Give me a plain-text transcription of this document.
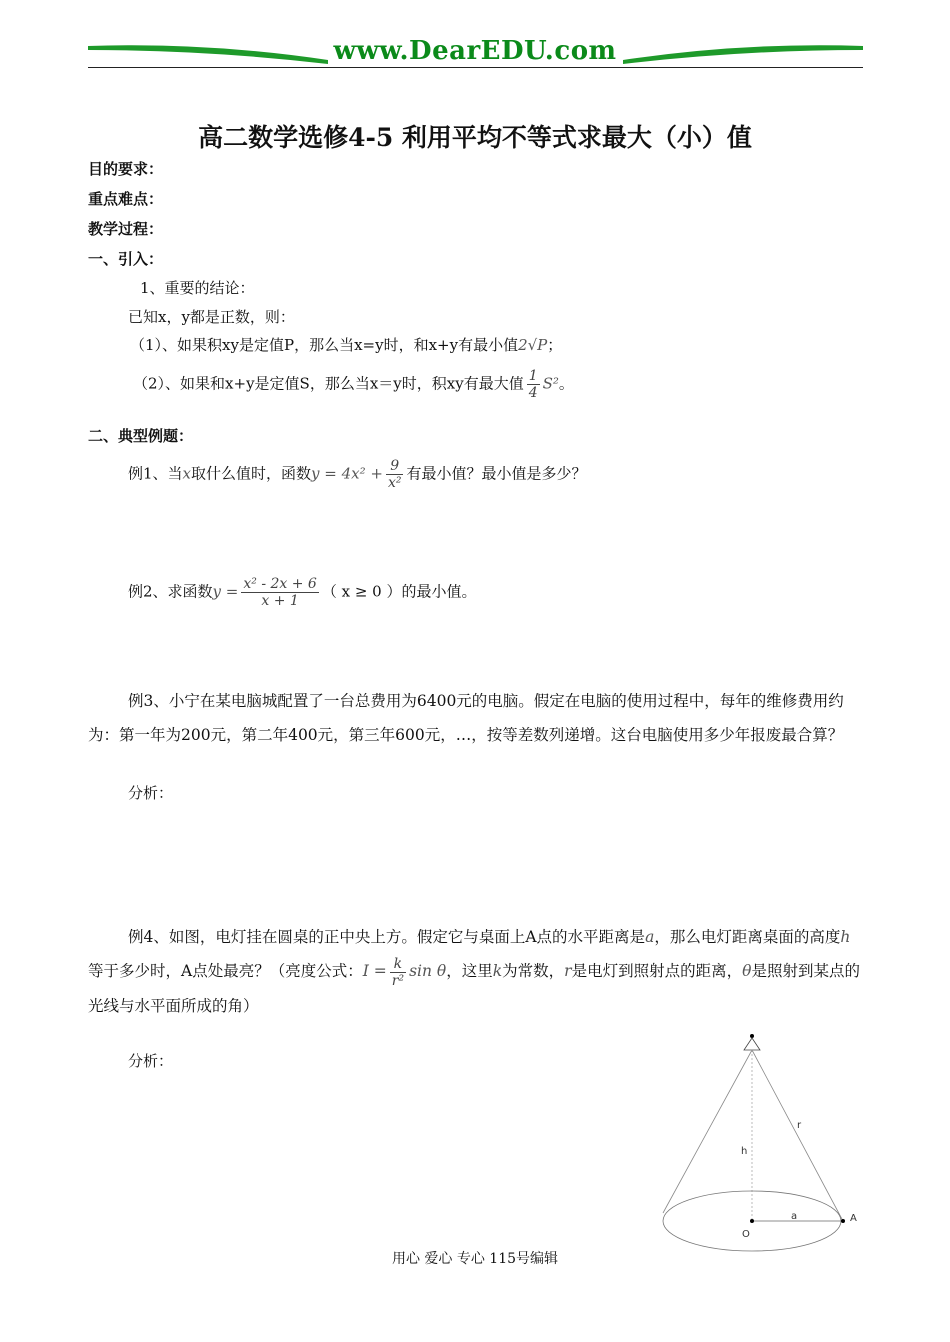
www.DearEDU.com
高二数学选修4-5 利用平均不等式求最大（小）值
目的要求：
重点难点：
教学过程：
一、引入：
1、重要的结论：
已知x，y都是正数，则：
（1）、如果积xy是定值P，那么当x=y时，和x+y有最小值2√P；
（2）、如果和x+y是定值S，那么当x＝y时，积xy有最大值 $\frac{1}{4} S^2$。
二、典型例题：
例1、当x取什么值时，函数$y = 4x^2 + \frac{9}{\text{x²}}$ 有最小值？最小值是多少？
例2、求函数$y = \frac{\text{x² - 2x + 6}}{x + 1}$ （ x ≥ 0 ）的最小值。
例3、小宁在某电脑城配置了一台总费用为6400元的电脑。假定在电脑的使用过程中，每年的维修费用约为：第一年为200元，第二年400元，第三年600元，…，按等差数列递增。这台电脑使用多少年报废最合算？
分析：
例4、如图，电灯挂在圆桌的正中央上方。假定它与桌面上A点的水平距离是a，那么电灯距离桌面的高度h等于多少时，A点处最亮？（亮度公式：$I = \frac{k}{\text{r²}}$ sin θ，这里k为常数，r是电灯到照射点的距离，θ是照射到某点的光线与水平面所成的角）
分析：
r
h
a	A
O
用心 爱心 专心 115号编辑
